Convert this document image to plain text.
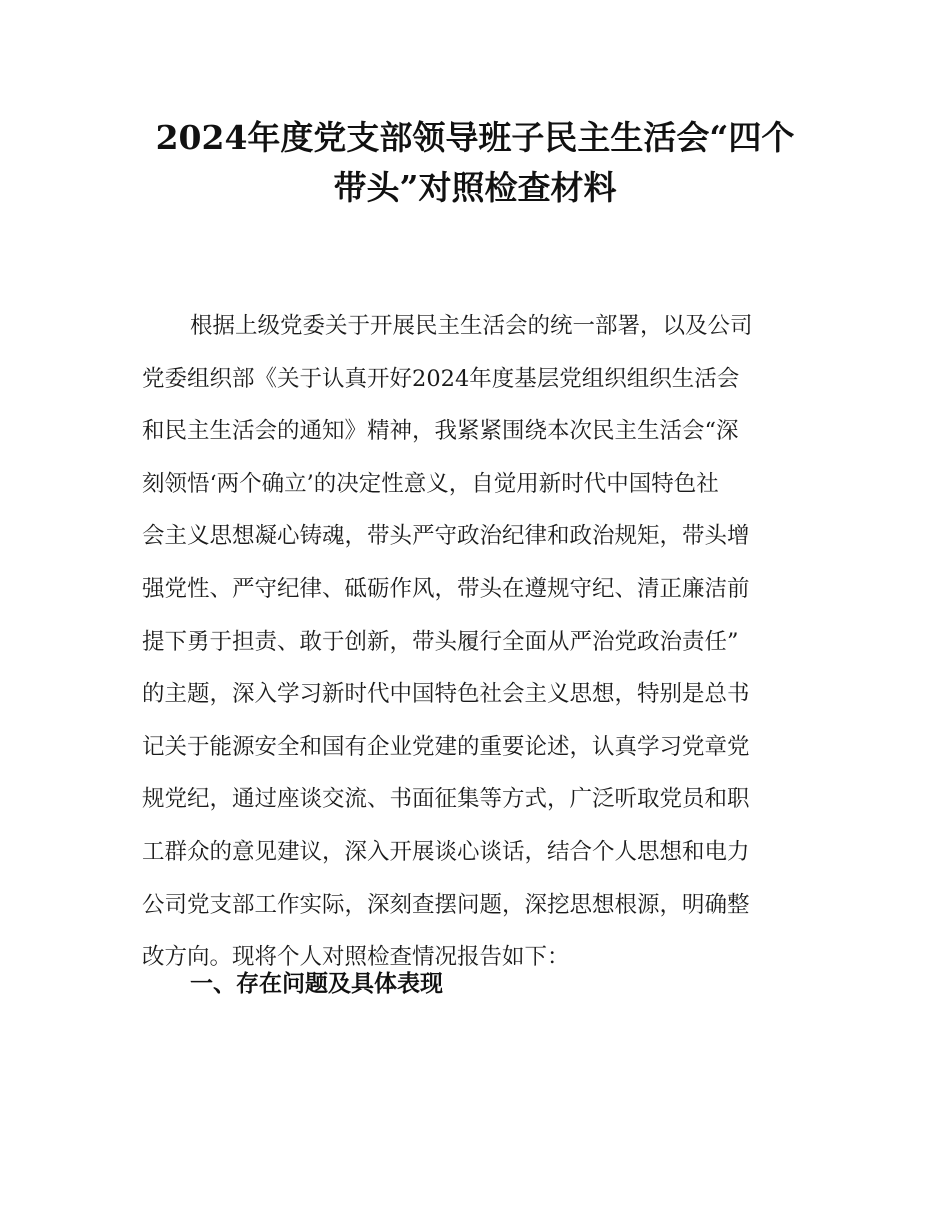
2024年度党支部领导班子民主生活会“四个
带头”对照检查材料

根据上级党委关于开展民主生活会的统一部署，以及公司
党委组织部《关于认真开好2024年度基层党组织组织生活会
和民主生活会的通知》精神，我紧紧围绕本次民主生活会“深
刻领悟‘两个确立’的决定性意义，自觉用新时代中国特色社
会主义思想凝心铸魂，带头严守政治纪律和政治规矩，带头增
强党性、严守纪律、砥砺作风，带头在遵规守纪、清正廉洁前
提下勇于担责、敢于创新，带头履行全面从严治党政治责任”
的主题，深入学习新时代中国特色社会主义思想，特别是总书
记关于能源安全和国有企业党建的重要论述，认真学习党章党
规党纪，通过座谈交流、书面征集等方式，广泛听取党员和职
工群众的意见建议，深入开展谈心谈话，结合个人思想和电力
公司党支部工作实际，深刻查摆问题，深挖思想根源，明确整
改方向。现将个人对照检查情况报告如下：

一、存在问题及具体表现
